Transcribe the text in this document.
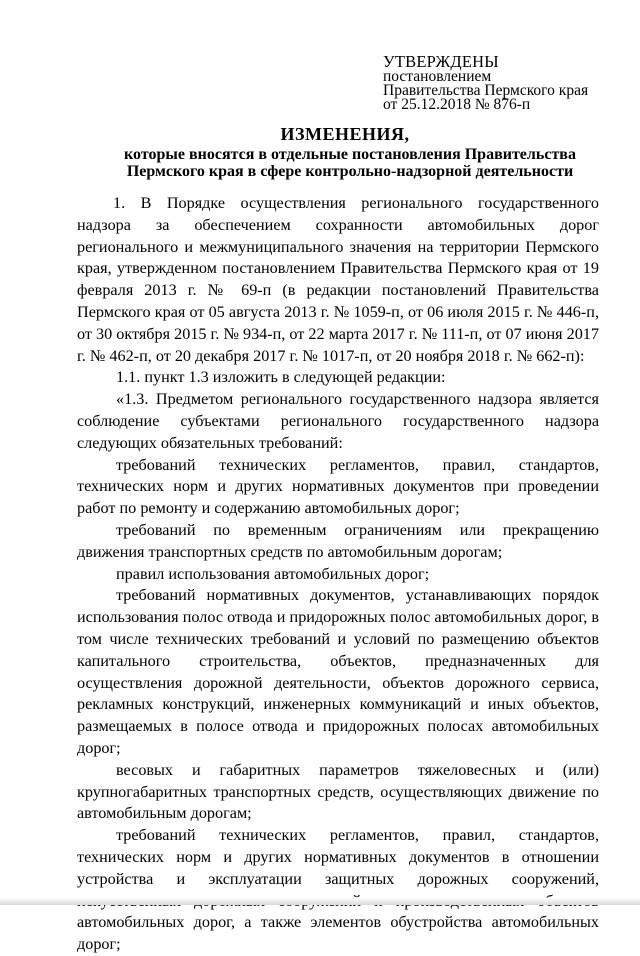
УТВЕРЖДЕНЫ
постановлением
Правительства Пермского края
от 25.12.2018 № 876-п
ИЗМЕНЕНИЯ,
которые вносятся в отдельные постановления Правительства
Пермского края в сфере контрольно-надзорной деятельности

1. В Порядке осуществления регионального государственного надзора за обеспечением сохранности автомобильных дорог регионального и межмуниципального значения на территории Пермского края, утвержденном постановлением Правительства Пермского края от 19 февраля 2013 г. № 69-п (в редакции постановлений Правительства Пермского края от 05 августа 2013 г. № 1059-п, от 06 июля 2015 г. № 446-п, от 30 октября 2015 г. № 934-п, от 22 марта 2017 г. № 111-п, от 07 июня 2017 г. № 462-п, от 20 декабря 2017 г. № 1017-п, от 20 ноября 2018 г. № 662-п):

1.1. пункт 1.3 изложить в следующей редакции:

«1.3. Предметом регионального государственного надзора является соблюдение субъектами регионального государственного надзора следующих обязательных требований:

требований технических регламентов, правил, стандартов, технических норм и других нормативных документов при проведении работ по ремонту и содержанию автомобильных дорог;

требований по временным ограничениям или прекращению движения транспортных средств по автомобильным дорогам;

правил использования автомобильных дорог;

требований нормативных документов, устанавливающих порядок использования полос отвода и придорожных полос автомобильных дорог, в том числе технических требований и условий по размещению объектов капитального строительства, объектов, предназначенных для осуществления дорожной деятельности, объектов дорожного сервиса, рекламных конструкций, инженерных коммуникаций и иных объектов, размещаемых в полосе отвода и придорожных полосах автомобильных дорог;

весовых и габаритных параметров тяжеловесных и (или) крупногабаритных транспортных средств, осуществляющих движение по автомобильным дорогам;

требований технических регламентов, правил, стандартов, технических норм и других нормативных документов в отношении устройства и эксплуатации защитных дорожных сооружений, автомобильных дорог, а также элементов обустройства автомобильных дорог;
